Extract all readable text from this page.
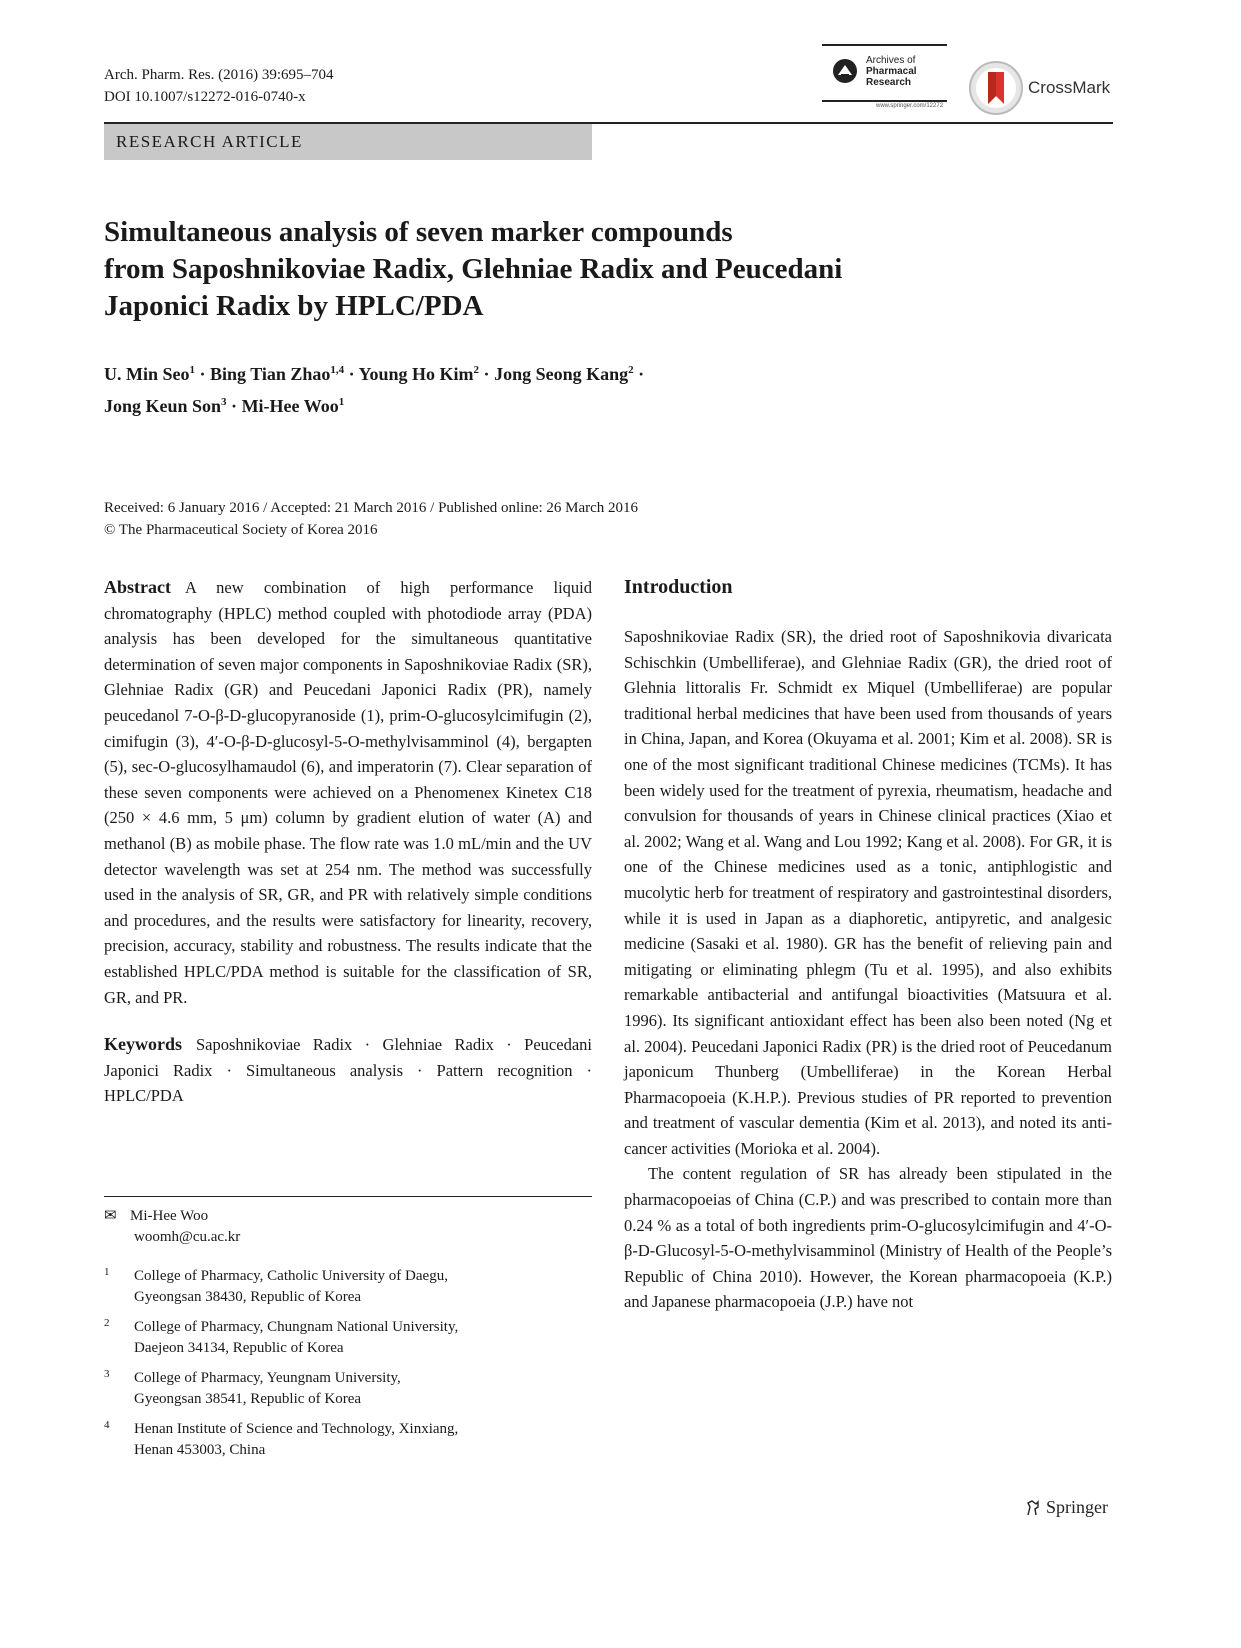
Arch. Pharm. Res. (2016) 39:695–704
DOI 10.1007/s12272-016-0740-x
Archives of
Pharmacal
Research
www.springer.com/12272
CrossMark
RESEARCH ARTICLE
Simultaneous analysis of seven marker compounds
from Saposhnikoviae Radix, Glehniae Radix and Peucedani
Japonici Radix by HPLC/PDA
U. Min Seo$^1$ · Bing Tian Zhao$^{1,4}$ · Young Ho Kim$^2$ · Jong Seong Kang$^2$ ·
Jong Keun Son$^3$ · Mi-Hee Woo$^1$
Received: 6 January 2016 / Accepted: 21 March 2016 / Published online: 26 March 2016
© The Pharmaceutical Society of Korea 2016

Abstract A new combination of high performance liquid chromatography (HPLC) method coupled with photodiode array (PDA) analysis has been developed for the simultaneous quantitative determination of seven major components in Saposhnikoviae Radix (SR), Glehniae Radix (GR) and Peucedani Japonici Radix (PR), namely peucedanol 7-O-β-D-glucopyranoside (1), prim-O-glucosylcimifugin (2), cimifugin (3), 4′-O-β-D-glucosyl-5-O-methylvisamminol (4), bergapten (5), sec-O-glucosylhamaudol (6), and imperatorin (7). Clear separation of these seven components were achieved on a Phenomenex Kinetex C18 (250 × 4.6 mm, 5 μm) column by gradient elution of water (A) and methanol (B) as mobile phase. The flow rate was 1.0 mL/min and the UV detector wavelength was set at 254 nm. The method was successfully used in the analysis of SR, GR, and PR with relatively simple conditions and procedures, and the results were satisfactory for linearity, recovery, precision, accuracy, stability and robustness. The results indicate that the established HPLC/PDA method is suitable for the classification of SR, GR, and PR.

Keywords Saposhnikoviae Radix · Glehniae Radix · Peucedani Japonici Radix · Simultaneous analysis · Pattern recognition · HPLC/PDA

✉ Mi-Hee Woo
woomh@cu.ac.kr
1 College of Pharmacy, Catholic University of Daegu,
Gyeongsan 38430, Republic of Korea
2 College of Pharmacy, Chungnam National University,
Daejeon 34134, Republic of Korea
3 College of Pharmacy, Yeungnam University,
Gyeongsan 38541, Republic of Korea
4 Henan Institute of Science and Technology, Xinxiang,
Henan 453003, China
Introduction

Saposhnikoviae Radix (SR), the dried root of Saposhnikovia divaricata Schischkin (Umbelliferae), and Glehniae Radix (GR), the dried root of Glehnia littoralis Fr. Schmidt ex Miquel (Umbelliferae) are popular traditional herbal medicines that have been used from thousands of years in China, Japan, and Korea (Okuyama et al. 2001; Kim et al. 2008). SR is one of the most significant traditional Chinese medicines (TCMs). It has been widely used for the treatment of pyrexia, rheumatism, headache and convulsion for thousands of years in Chinese clinical practices (Xiao et al. 2002; Wang et al. Wang and Lou 1992; Kang et al. 2008). For GR, it is one of the Chinese medicines used as a tonic, antiphlogistic and mucolytic herb for treatment of respiratory and gastrointestinal disorders, while it is used in Japan as a diaphoretic, antipyretic, and analgesic medicine (Sasaki et al. 1980). GR has the benefit of relieving pain and mitigating or eliminating phlegm (Tu et al. 1995), and also exhibits remarkable antibacterial and antifungal bioactivities (Matsuura et al. 1996). Its significant antioxidant effect has been also been noted (Ng et al. 2004). Peucedani Japonici Radix (PR) is the dried root of Peucedanum japonicum Thunberg (Umbelliferae) in the Korean Herbal Pharmacopoeia (K.H.P.). Previous studies of PR reported to prevention and treatment of vascular dementia (Kim et al. 2013), and noted its anti-cancer activities (Morioka et al. 2004).

The content regulation of SR has already been stipulated in the pharmacopoeias of China (C.P.) and was prescribed to contain more than 0.24 % as a total of both ingredients prim-O-glucosylcimifugin and 4′-O-β-D-Glucosyl-5-O-methylvisamminol (Ministry of Health of the People’s Republic of China 2010). However, the Korean pharmacopoeia (K.P.) and Japanese pharmacopoeia (J.P.) have not

Springer
